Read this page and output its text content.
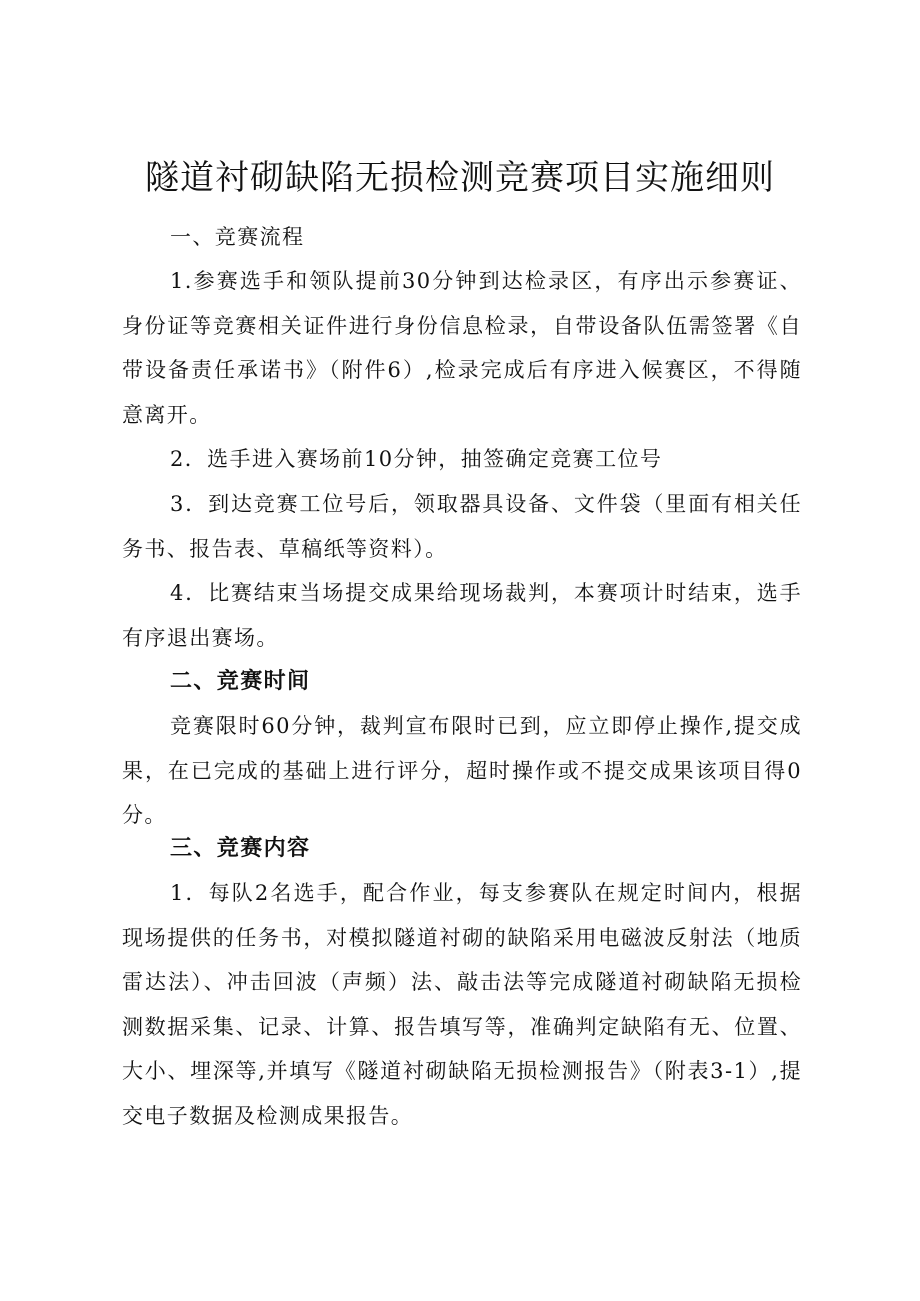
隧道衬砌缺陷无损检测竞赛项目实施细则

一、竞赛流程

1.参赛选手和领队提前30分钟到达检录区，有序出示参赛证、身份证等竞赛相关证件进行身份信息检录，自带设备队伍需签署《自带设备责任承诺书》（附件6）,检录完成后有序进入候赛区，不得随意离开。

2．选手进入赛场前10分钟，抽签确定竞赛工位号

3．到达竞赛工位号后，领取器具设备、文件袋（里面有相关任务书、报告表、草稿纸等资料）。

4．比赛结束当场提交成果给现场裁判，本赛项计时结束，选手有序退出赛场。

二、竞赛时间

竞赛限时60分钟，裁判宣布限时已到，应立即停止操作,提交成果，在已完成的基础上进行评分，超时操作或不提交成果该项目得0分。

三、竞赛内容

1．每队2名选手，配合作业，每支参赛队在规定时间内，根据现场提供的任务书，对模拟隧道衬砌的缺陷采用电磁波反射法（地质雷达法）、冲击回波（声频）法、敲击法等完成隧道衬砌缺陷无损检测数据采集、记录、计算、报告填写等，准确判定缺陷有无、位置、大小、埋深等,并填写《隧道衬砌缺陷无损检测报告》（附表3-1）,提交电子数据及检测成果报告。
